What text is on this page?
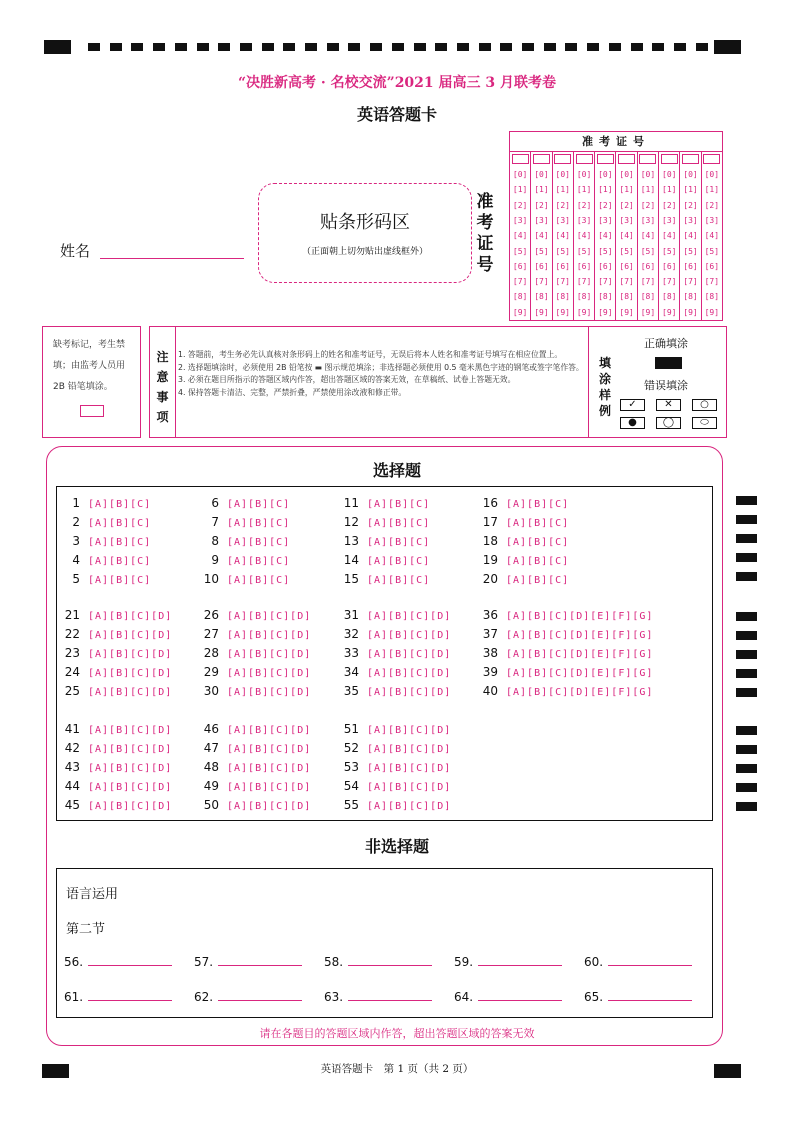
“决胜新高考 · 名校交流”2021 届高三 3 月联考卷
英语答题卡
姓名
贴条形码区
（正面朝上切勿贴出虚线框外）
准
考
证
号
准考证号
[0]
[1]
[2]
[3]
[4]
[5]
[6]
[7]
[8]
[9]
[0]
[1]
[2]
[3]
[4]
[5]
[6]
[7]
[8]
[9]
[0]
[1]
[2]
[3]
[4]
[5]
[6]
[7]
[8]
[9]
[0]
[1]
[2]
[3]
[4]
[5]
[6]
[7]
[8]
[9]
[0]
[1]
[2]
[3]
[4]
[5]
[6]
[7]
[8]
[9]
[0]
[1]
[2]
[3]
[4]
[5]
[6]
[7]
[8]
[9]
[0]
[1]
[2]
[3]
[4]
[5]
[6]
[7]
[8]
[9]
[0]
[1]
[2]
[3]
[4]
[5]
[6]
[7]
[8]
[9]
[0]
[1]
[2]
[3]
[4]
[5]
[6]
[7]
[8]
[9]
[0]
[1]
[2]
[3]
[4]
[5]
[6]
[7]
[8]
[9]
缺考标记，考生禁填；由监考人员用 2B 铅笔填涂。
注
意
事
项
1. 答题前，考生务必先认真核对条形码上的姓名和准考证号，无误后将本人姓名和准考证号填写在相应位置上。
2. 选择题填涂时，必须使用 2B 铅笔按 ▬ 图示规范填涂；非选择题必须使用 0.5 毫米黑色字迹的钢笔或签字笔作答。
3. 必须在题目所指示的答题区域内作答，超出答题区域的答案无效，在草稿纸、试卷上答题无效。
4. 保持答题卡清洁、完整，严禁折叠，严禁使用涂改液和修正带。
填
涂
样
例
正确填涂
错误填涂
✓	✕	○
●	◯	⬭
选择题
1 [A][B][C]
2 [A][B][C]
3 [A][B][C]
4 [A][B][C]
5 [A][B][C]
6 [A][B][C]
7 [A][B][C]
8 [A][B][C]
9 [A][B][C]
10 [A][B][C]
11 [A][B][C]
12 [A][B][C]
13 [A][B][C]
14 [A][B][C]
15 [A][B][C]
16 [A][B][C]
17 [A][B][C]
18 [A][B][C]
19 [A][B][C]
20 [A][B][C]
21 [A][B][C][D]
22 [A][B][C][D]
23 [A][B][C][D]
24 [A][B][C][D]
25 [A][B][C][D]
26 [A][B][C][D]
27 [A][B][C][D]
28 [A][B][C][D]
29 [A][B][C][D]
30 [A][B][C][D]
31 [A][B][C][D]
32 [A][B][C][D]
33 [A][B][C][D]
34 [A][B][C][D]
35 [A][B][C][D]
36 [A][B][C][D][E][F][G]
37 [A][B][C][D][E][F][G]
38 [A][B][C][D][E][F][G]
39 [A][B][C][D][E][F][G]
40 [A][B][C][D][E][F][G]
41 [A][B][C][D]
42 [A][B][C][D]
43 [A][B][C][D]
44 [A][B][C][D]
45 [A][B][C][D]
46 [A][B][C][D]
47 [A][B][C][D]
48 [A][B][C][D]
49 [A][B][C][D]
50 [A][B][C][D]
51 [A][B][C][D]
52 [A][B][C][D]
53 [A][B][C][D]
54 [A][B][C][D]
55 [A][B][C][D]
非选择题
语言运用
第二节
56.	57.	58.	59.	60.
61.	62.	63.	64.	65.
请在各题目的答题区域内作答，超出答题区域的答案无效
英语答题卡　第 1 页（共 2 页）
